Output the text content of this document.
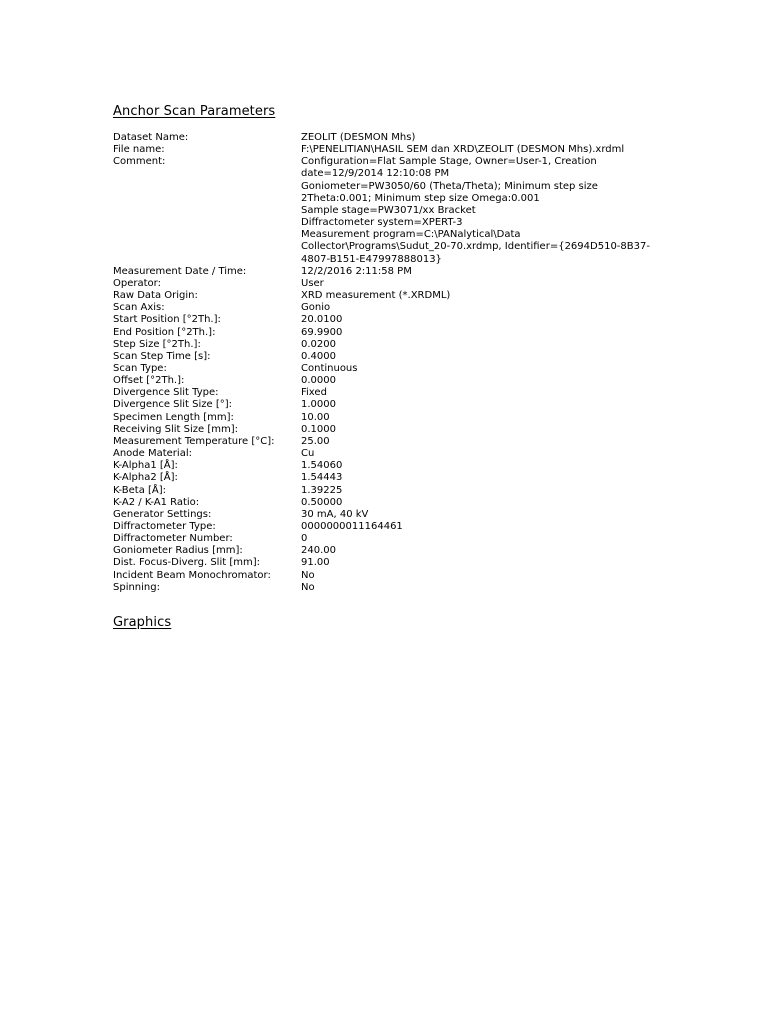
Anchor Scan Parameters
Dataset Name:	ZEOLIT (DESMON Mhs)
File name:	F:\PENELITIAN\HASIL SEM dan XRD\ZEOLIT (DESMON Mhs).xrdml
Comment:	Configuration=Flat Sample Stage, Owner=User-1, Creation
date=12/9/2014 12:10:08 PM
Goniometer=PW3050/60 (Theta/Theta); Minimum step size
2Theta:0.001; Minimum step size Omega:0.001
Sample stage=PW3071/xx Bracket
Diffractometer system=XPERT-3
Measurement program=C:\PANalytical\Data
Collector\Programs\Sudut_20-70.xrdmp, Identifier={2694D510-8B37-
4807-B151-E47997888013}
Measurement Date / Time:	12/2/2016 2:11:58 PM
Operator:	User
Raw Data Origin:	XRD measurement (*.XRDML)
Scan Axis:	Gonio
Start Position [°2Th.]:	20.0100
End Position [°2Th.]:	69.9900
Step Size [°2Th.]:	0.0200
Scan Step Time [s]:	0.4000
Scan Type:	Continuous
Offset [°2Th.]:	0.0000
Divergence Slit Type:	Fixed
Divergence Slit Size [°]:	1.0000
Specimen Length [mm]:	10.00
Receiving Slit Size [mm]:	0.1000
Measurement Temperature [°C]:	25.00
Anode Material:	Cu
K-Alpha1 [Å]:	1.54060
K-Alpha2 [Å]:	1.54443
K-Beta [Å]:	1.39225
K-A2 / K-A1 Ratio:	0.50000
Generator Settings:	30 mA, 40 kV
Diffractometer Type:	0000000011164461
Diffractometer Number:	0
Goniometer Radius [mm]:	240.00
Dist. Focus-Diverg. Slit [mm]:	91.00
Incident Beam Monochromator:	No
Spinning:	No
Graphics
